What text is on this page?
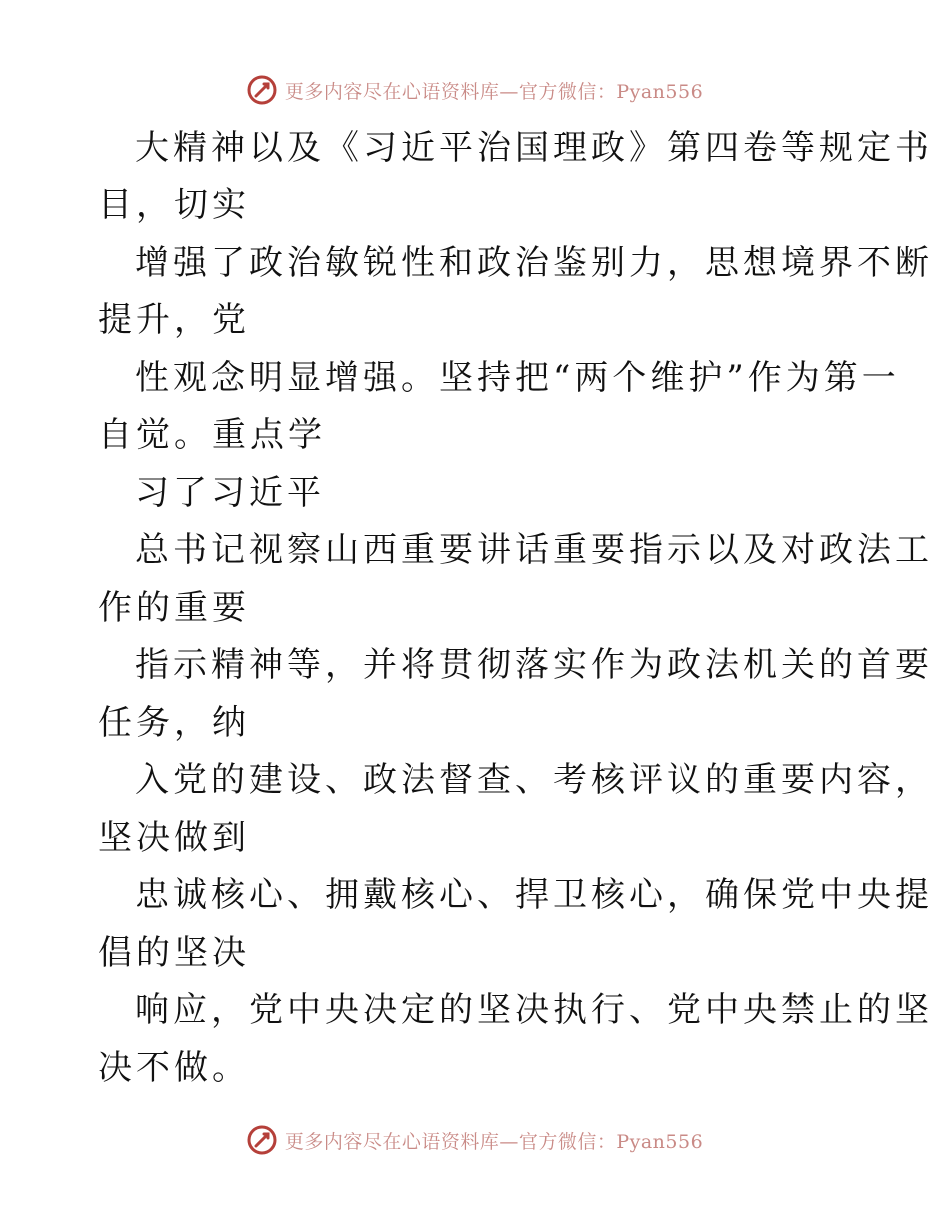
更多内容尽在心语资料库—官方微信：Pyan556
大精神以及《习近平治国理政》第四卷等规定书
目，切实
增强了政治敏锐性和政治鉴别力，思想境界不断
提升，党
性观念明显增强。坚持把“两个维护”作为第一
自觉。重点学
习了习近平
总书记视察山西重要讲话重要指示以及对政法工
作的重要
指示精神等，并将贯彻落实作为政法机关的首要
任务，纳
入党的建设、政法督查、考核评议的重要内容，
坚决做到
忠诚核心、拥戴核心、捍卫核心，确保党中央提
倡的坚决
响应，党中央决定的坚决执行、党中央禁止的坚
决不做。
更多内容尽在心语资料库—官方微信：Pyan556
